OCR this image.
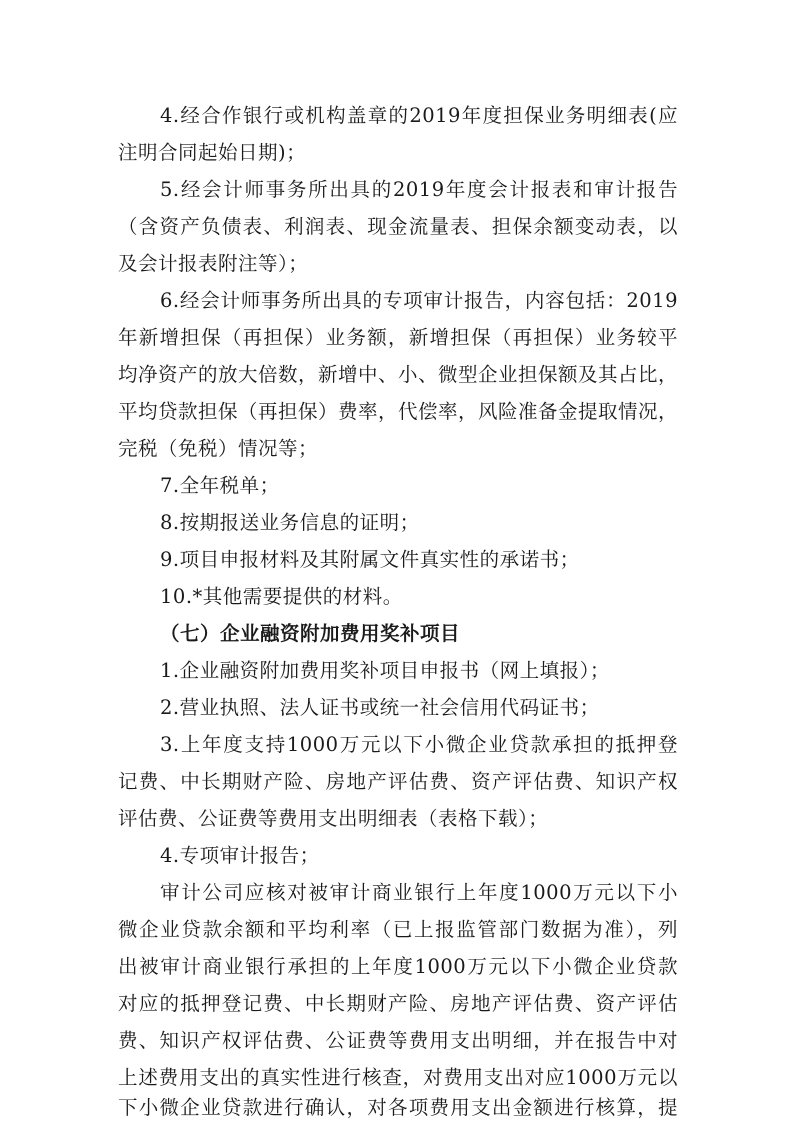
4.经合作银行或机构盖章的2019年度担保业务明细表(应
注明合同起始日期)；
5.经会计师事务所出具的2019年度会计报表和审计报告
（含资产负债表、利润表、现金流量表、担保余额变动表，以
及会计报表附注等）；
6.经会计师事务所出具的专项审计报告，内容包括：2019
年新增担保（再担保）业务额，新增担保（再担保）业务较平
均净资产的放大倍数，新增中、小、微型企业担保额及其占比，
平均贷款担保（再担保）费率，代偿率，风险准备金提取情况，
完税（免税）情况等；
7.全年税单；
8.按期报送业务信息的证明；
9.项目申报材料及其附属文件真实性的承诺书；
10.*其他需要提供的材料。
（七）企业融资附加费用奖补项目
1.企业融资附加费用奖补项目申报书（网上填报）；
2.营业执照、法人证书或统一社会信用代码证书；
3.上年度支持1000万元以下小微企业贷款承担的抵押登
记费、中长期财产险、房地产评估费、资产评估费、知识产权
评估费、公证费等费用支出明细表（表格下载）；
4.专项审计报告；
审计公司应核对被审计商业银行上年度1000万元以下小
微企业贷款余额和平均利率（已上报监管部门数据为准），列
出被审计商业银行承担的上年度1000万元以下小微企业贷款
对应的抵押登记费、中长期财产险、房地产评估费、资产评估
费、知识产权评估费、公证费等费用支出明细，并在报告中对
上述费用支出的真实性进行核查，对费用支出对应1000万元以
下小微企业贷款进行确认，对各项费用支出金额进行核算，提
